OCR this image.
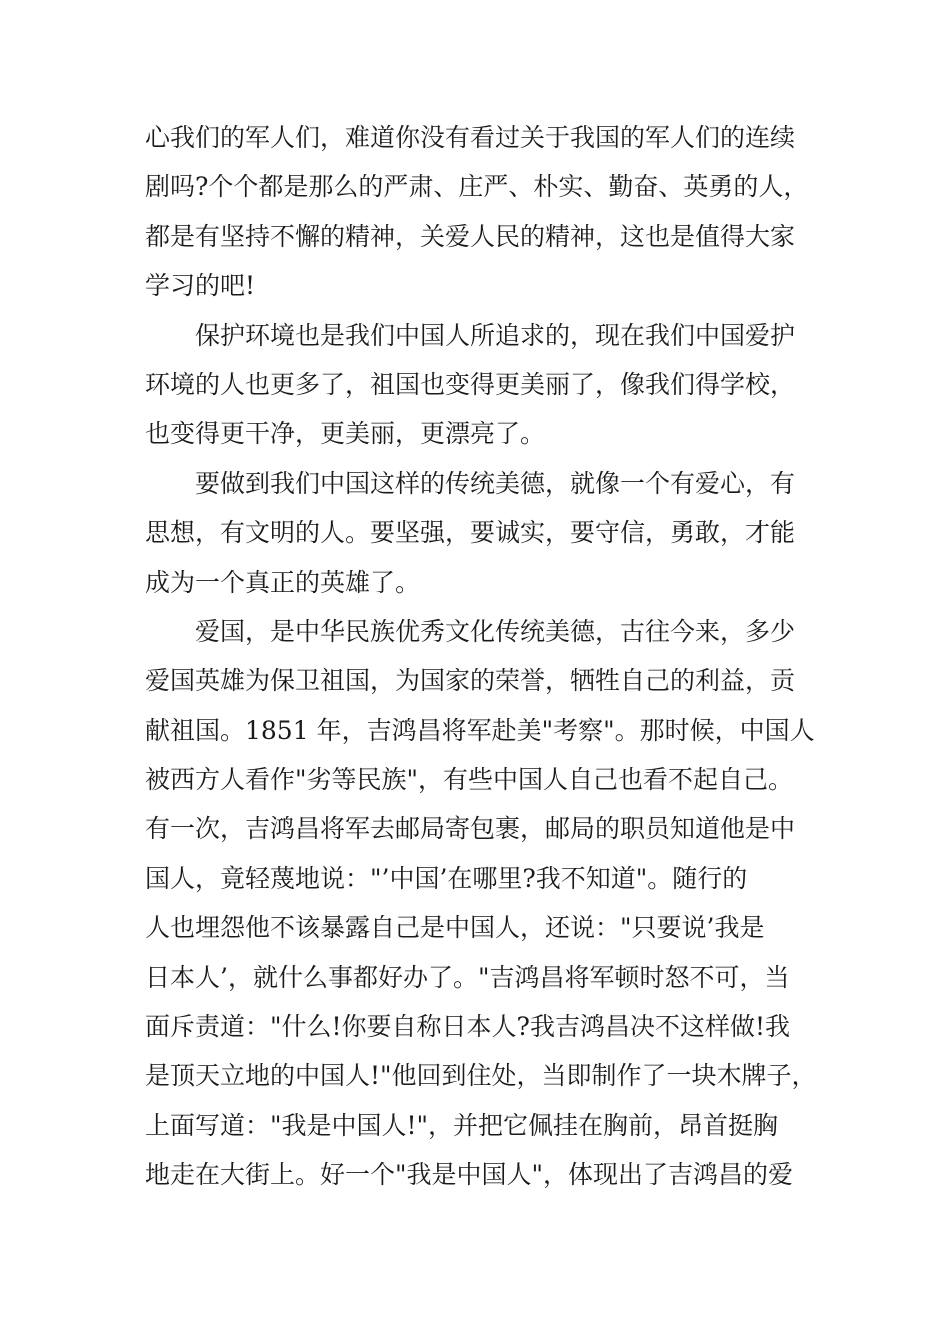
心我们的军人们，难道你没有看过关于我国的军人们的连续
剧吗?个个都是那么的严肃、庄严、朴实、勤奋、英勇的人，
都是有坚持不懈的精神，关爱人民的精神，这也是值得大家
学习的吧!
保护环境也是我们中国人所追求的，现在我们中国爱护
环境的人也更多了，祖国也变得更美丽了，像我们得学校，
也变得更干净，更美丽，更漂亮了。
要做到我们中国这样的传统美德，就像一个有爱心，有
思想，有文明的人。要坚强，要诚实，要守信，勇敢，才能
成为一个真正的英雄了。
爱国，是中华民族优秀文化传统美德，古往今来，多少
爱国英雄为保卫祖国，为国家的荣誉，牺牲自己的利益，贡
献祖国。1851 年，吉鸿昌将军赴美"考察"。那时候，中国人
被西方人看作"劣等民族"，有些中国人自己也看不起自己。
有一次，吉鸿昌将军去邮局寄包裹，邮局的职员知道他是中
国人，竟轻蔑地说："’中国’在哪里?我不知道"。随行的
人也埋怨他不该暴露自己是中国人，还说："只要说’我是
日本人’，就什么事都好办了。"吉鸿昌将军顿时怒不可，当
面斥责道："什么!你要自称日本人?我吉鸿昌决不这样做!我
是顶天立地的中国人!"他回到住处，当即制作了一块木牌子，
上面写道："我是中国人!"，并把它佩挂在胸前，昂首挺胸
地走在大街上。好一个"我是中国人"，体现出了吉鸿昌的爱
